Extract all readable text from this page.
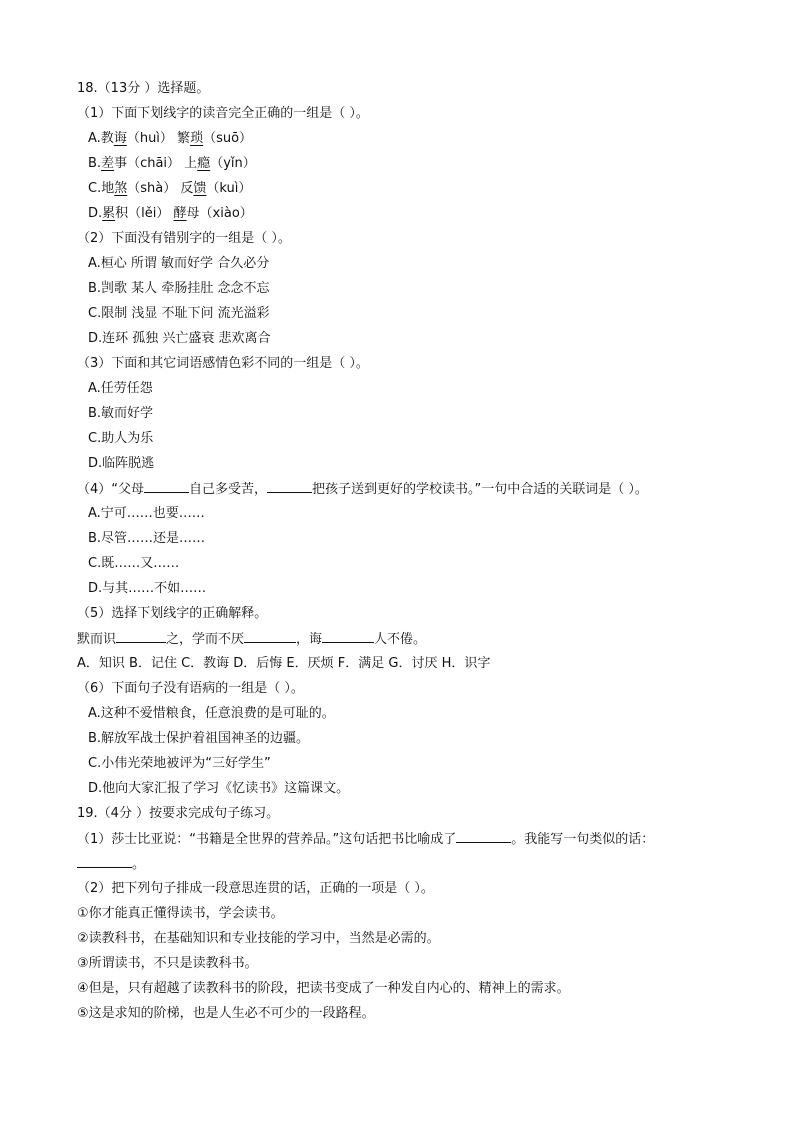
18.（13分 ）选择题。
（1）下面下划线字的读音完全正确的一组是（ ）。
A.教诲（huì） 繁琐（suō）
B.差事（chāi） 上瘾（yǐn）
C.地煞（shà） 反馈（kuì）
D.累积（lěi） 酵母（xiào）
（2）下面没有错别字的一组是（ ）。
A.桓心 所谓 敏而好学 合久必分
B.剀歌 某人 牵肠挂肚 念念不忘
C.限制 浅显 不耻下问 流光溢彩
D.连环 孤独 兴亡盛衰 悲欢离合
（3）下面和其它词语感情色彩不同的一组是（ ）。
A.任劳任怨
B.敏而好学
C.助人为乐
D.临阵脱逃
（4）“父母	自己多受苦，	把孩子送到更好的学校读书。”一句中合适的关联词是（ ）。
A.宁可……也要……
B.尽管……还是……
C.既……又……
D.与其……不如……
（5）选择下划线字的正确解释。
默而识	之，学而不厌	，诲	人不倦。
A．知识 B．记住 C．教诲 D．后悔 E．厌烦 F．满足 G．讨厌 H．识字
（6）下面句子没有语病的一组是（ ）。
A.这种不爱惜粮食，任意浪费的是可耻的。
B.解放军战士保护着祖国神圣的边疆。
C.小伟光荣地被评为“三好学生”
D.他向大家汇报了学习《忆读书》这篇课文。
19.（4分 ）按要求完成句子练习。
（1）莎士比亚说：“书籍是全世界的营养品。”这句话把书比喻成了	。我能写一句类似的话：
。
（2）把下列句子排成一段意思连贯的话，正确的一项是（ ）。
①你才能真正懂得读书，学会读书。
②读教科书，在基础知识和专业技能的学习中，当然是必需的。
③所谓读书，不只是读教科书。
④但是，只有超越了读教科书的阶段，把读书变成了一种发自内心的、精神上的需求。
⑤这是求知的阶梯，也是人生必不可少的一段路程。
